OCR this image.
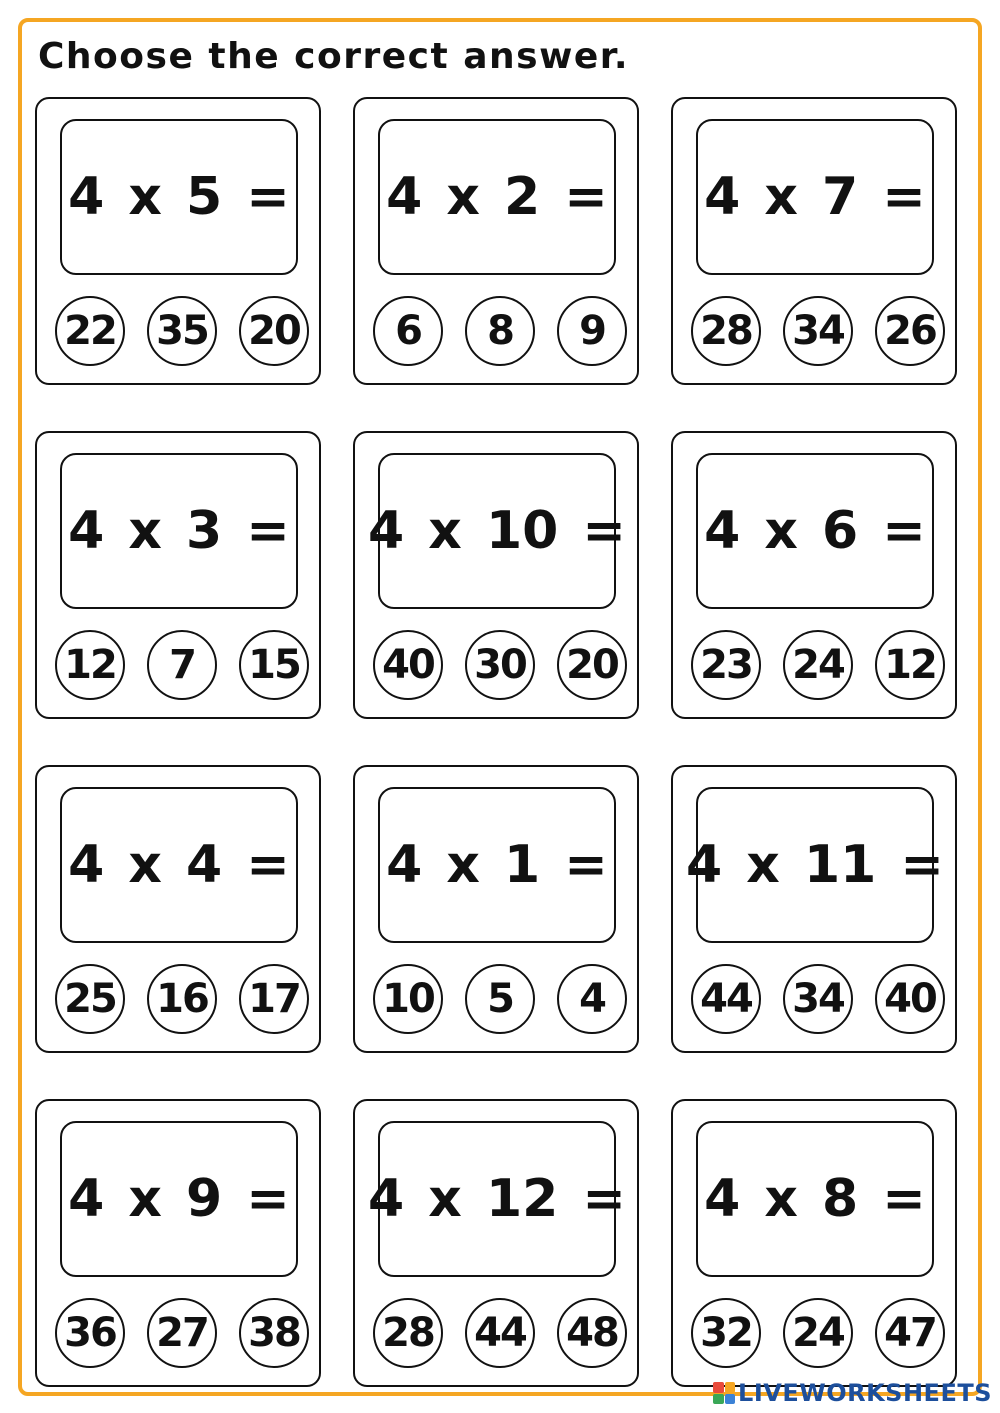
Choose the correct answer.
4 x 5 =
22 35 20
4 x 2 =
6	8	9
4 x 7 =
28 34 26
4 x 3 =
12	7	15
4 x 10 =
40 30 20
4 x 6 =
23 24 12
4 x 4 =
25 16 17
4 x 1 =
10	5	4
4 x 11 =
44 34 40
4 x 9 =
36 27 38
4 x 12 =
28 44 48
4 x 8 =
32 24 47
LIVEWORKSHEETS
